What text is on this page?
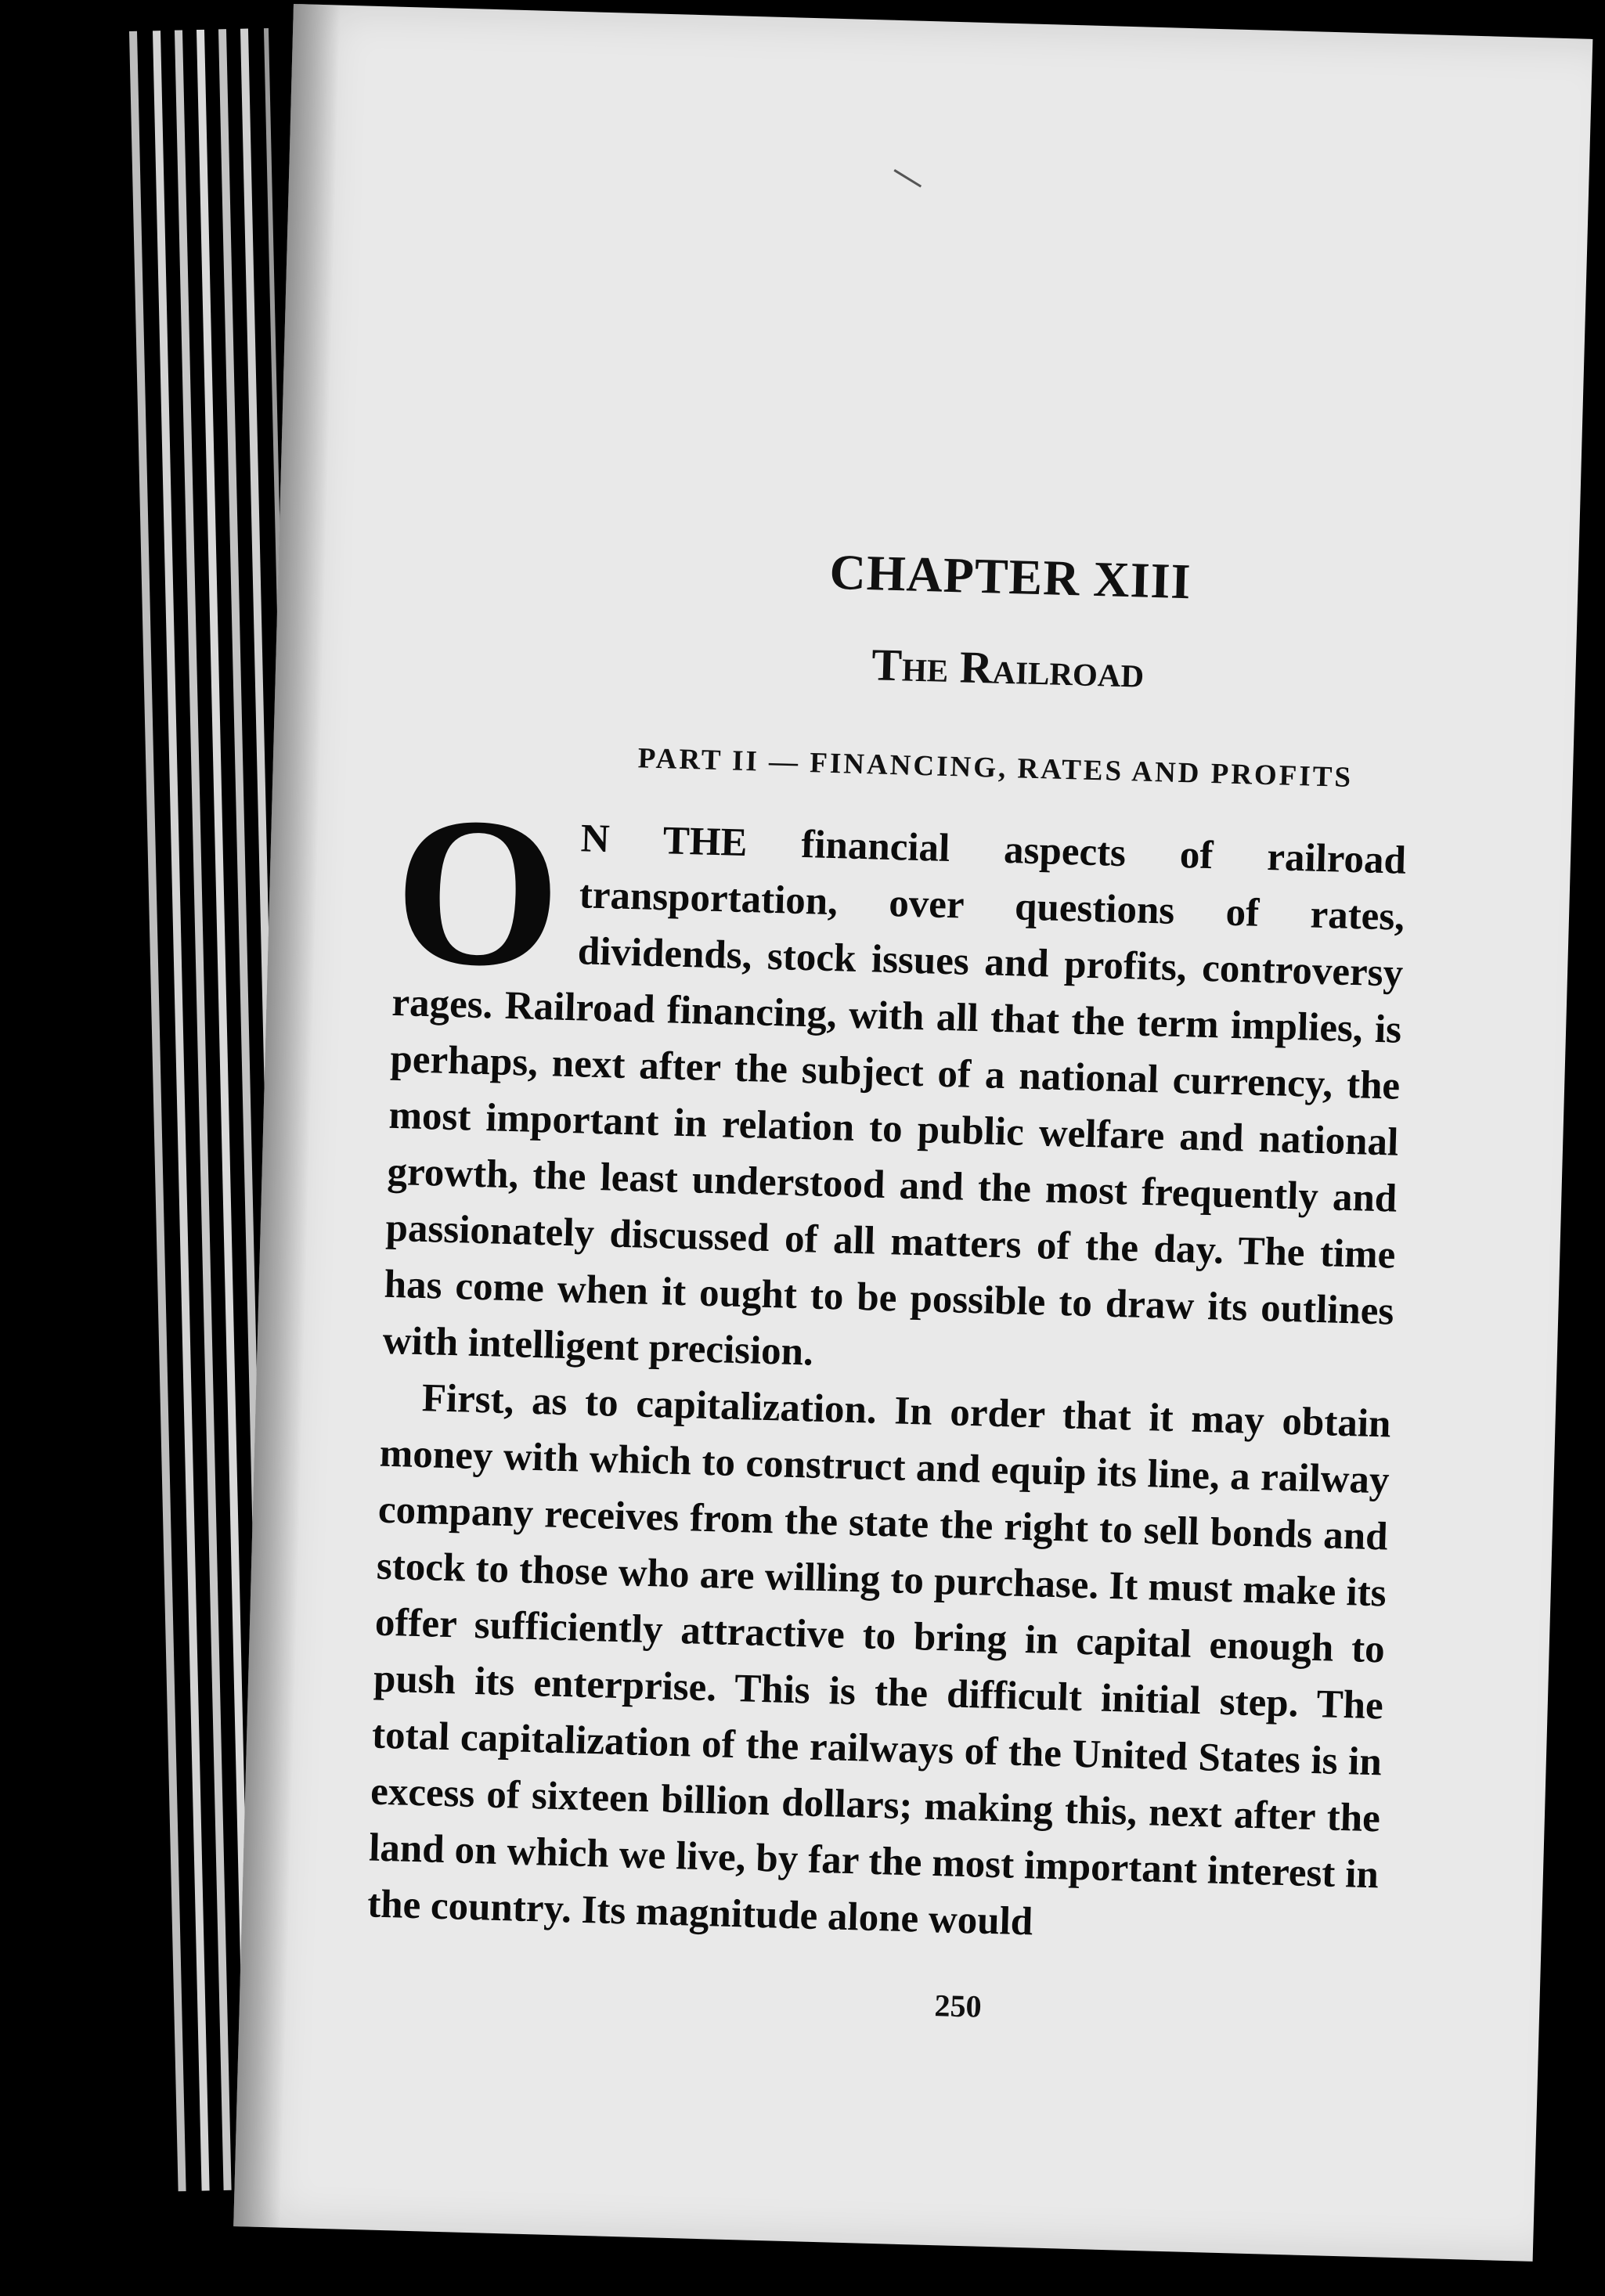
CHAPTER XIII
The Railroad
PART II — FINANCING, RATES AND PROFITS

O N THE financial aspects of railroad transportation, over questions of rates, dividends, stock issues and profits, controversy rages. Railroad financing, with all that the term implies, is perhaps, next after the subject of a national currency, the most important in relation to public welfare and national growth, the least understood and the most frequently and passionately discussed of all matters of the day. The time has come when it ought to be possible to draw its outlines with intelligent precision.

First, as to capitalization. In order that it may obtain money with which to construct and equip its line, a railway company receives from the state the right to sell bonds and stock to those who are willing to purchase. It must make its offer sufficiently attractive to bring in capital enough to push its enterprise. This is the difficult initial step. The total capitalization of the railways of the United States is in excess of sixteen billion dollars; making this, next after the land on which we live, by far the most important interest in the country. Its magnitude alone would

250
